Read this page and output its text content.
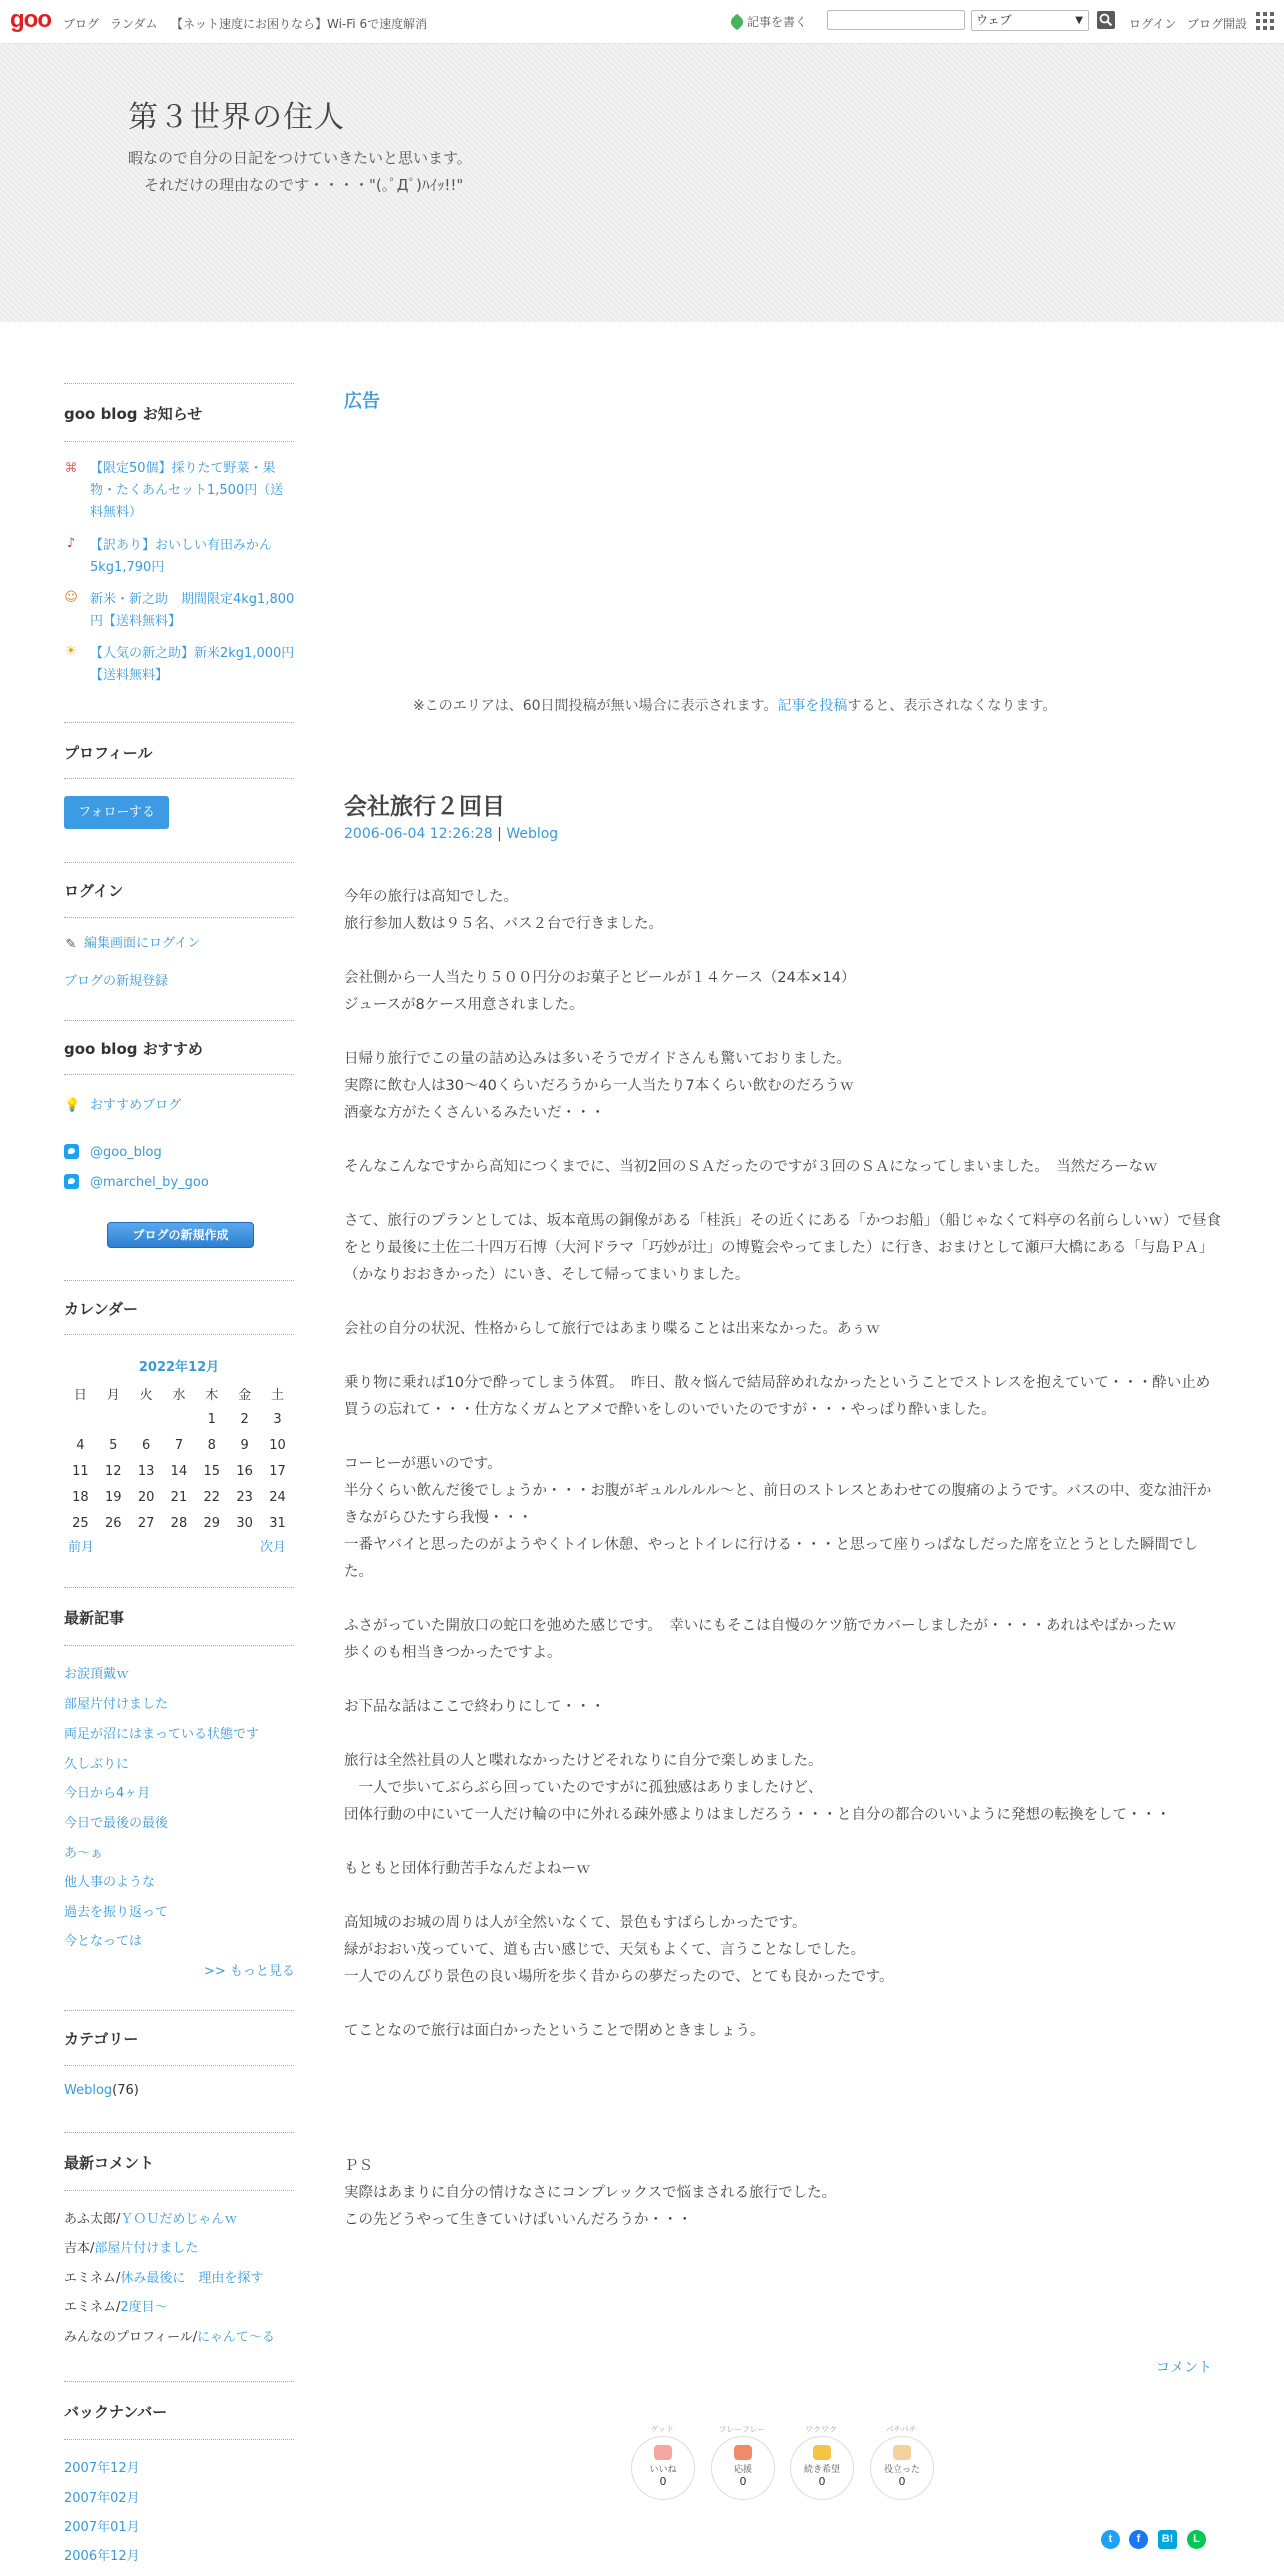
goo ブログ ランダム 【ネット速度にお困りなら】Wi-Fi 6で速度解消	記事を書く	ウェブ	▼	ログイン ブログ開設
第３世界の住人
暇なので自分の日記をつけていきたいと思います。
それだけの理由なのです・・・・"(｡ﾟДﾟ)ﾊｲｯ!!"
goo blog お知らせ
⌘ 【限定50個】採りたて野菜・果物・たくあんセット1,500円（送料無料）
♪ 【訳あり】おいしい有田みかん5kg1,790円
☺ 新米・新之助　期間限定4kg1,800円【送料無料】
☀ 【人気の新之助】新米2kg1,000円【送料無料】
プロフィール
フォローする
ログイン
✎ 編集画面にログイン
ブログの新規登録
goo blog おすすめ
💡 おすすめブログ
@goo_blog
@marchel_by_goo
ブログの新規作成
カレンダー
2022年12月
日	月	火	水	木	金	土
				1	2	3
4	5	6	7	8	9	10
11	12	13	14	15	16	17
18	19	20	21	22	23	24
25	26	27	28	29	30	31
前月	次月
最新記事
お涙頂戴ｗ
部屋片付けました
両足が沼にはまっている状態です
久しぶりに
今日から4ヶ月
今日で最後の最後
あ～ぁ
他人事のような
過去を振り返って
今となっては
>> もっと見る
カテゴリー
Weblog(76)
最新コメント
あふ太郎/ＹＯＵだめじゃんｗ
吉本/部屋片付けました
エミネム/休み最後に　理由を探す
エミネム/2度目～
みんなのプロフィール/にゃんて～る
バックナンバー
2007年12月
2007年02月
2007年01月
2006年12月
広告
※このエリアは、60日間投稿が無い場合に表示されます。記事を投稿すると、表示されなくなります。
会社旅行２回目
2006-06-04 12:26:28 | Weblog

今年の旅行は高知でした。

旅行参加人数は９５名、バス２台で行きました。

会社側から一人当たり５００円分のお菓子とビールが１４ケース（24本×14）

ジュースが8ケース用意されました。

日帰り旅行でこの量の詰め込みは多いそうでガイドさんも驚いておりました。

実際に飲む人は30～40くらいだろうから一人当たり7本くらい飲むのだろうｗ

酒豪な方がたくさんいるみたいだ・・・

そんなこんなですから高知につくまでに、当初2回のＳＡだったのですが３回のＳＡになってしまいました。　当然だろーなｗ

さて、旅行のプランとしては、坂本竜馬の銅像がある「桂浜」その近くにある「かつお船」（船じゃなくて料亭の名前らしいｗ）で昼食をとり最後に土佐二十四万石博（大河ドラマ「巧妙が辻」の博覧会やってました）に行き、おまけとして瀬戸大橋にある「与島ＰＡ」（かなりおおきかった）にいき、そして帰ってまいりました。

会社の自分の状況、性格からして旅行ではあまり喋ることは出来なかった。あぅｗ

乗り物に乗れば10分で酔ってしまう体質。　昨日、散々悩んで結局辞めれなかったということでストレスを抱えていて・・・酔い止め買うの忘れて・・・仕方なくガムとアメで酔いをしのいでいたのですが・・・やっぱり酔いました。

コーヒーが悪いのです。

半分くらい飲んだ後でしょうか・・・お腹がギュルルルル～と、前日のストレスとあわせての腹痛のようです。バスの中、変な油汗かきながらひたすら我慢・・・

一番ヤバイと思ったのがようやくトイレ休憩、やっとトイレに行ける・・・と思って座りっぱなしだった席を立とうとした瞬間でした。

ふさがっていた開放口の蛇口を弛めた感じです。　幸いにもそこは自慢のケツ筋でカバーしましたが・・・・あれはやばかったｗ

歩くのも相当きつかったですよ。

お下品な話はここで終わりにして・・・

旅行は全然社員の人と喋れなかったけどそれなりに自分で楽しめました。

　一人で歩いてぶらぶら回っていたのですがに孤独感はありましたけど、

団体行動の中にいて一人だけ輪の中に外れる疎外感よりはましだろう・・・と自分の都合のいいように発想の転換をして・・・

もともと団体行動苦手なんだよねーｗ

高知城のお城の周りは人が全然いなくて、景色もすばらしかったです。

緑がおおい茂っていて、道も古い感じで、天気もよくて、言うことなしでした。

一人でのんびり景色の良い場所を歩く昔からの夢だったので、とても良かったです。

てことなので旅行は面白かったということで閉めときましょう。

ＰＳ

実際はあまりに自分の情けなさにコンプレックスで悩まされる旅行でした。

この先どうやって生きていけばいいんだろうか・・・

コメント
グッド
いいね
0
フレーフレー
応援
0
ワクワク
続き希望
0
パチパチ
役立った
0
t	f	B!	L
